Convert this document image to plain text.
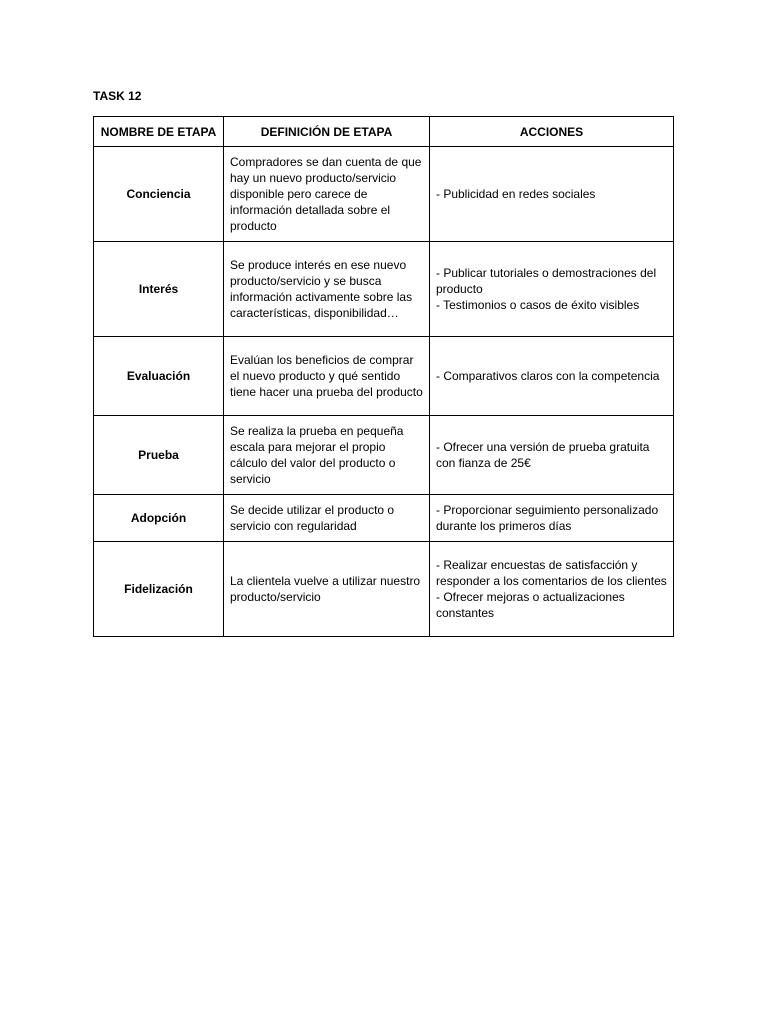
TASK 12
NOMBRE DE ETAPA	DEFINICIÓN DE ETAPA	ACCIONES
Conciencia	Compradores se dan cuenta de que hay un nuevo producto/servicio disponible pero carece de información detallada sobre el producto	- Publicidad en redes sociales

Interés	Se produce interés en ese nuevo producto/servicio y se busca información activamente sobre las características, disponibilidad…	- Publicar tutoriales o demostraciones del producto
- Testimonios o casos de éxito visibles

Evaluación	Evalúan los beneficios de comprar el nuevo producto y qué sentido tiene hacer una prueba del producto	- Comparativos claros con la competencia

Prueba	Se realiza la prueba en pequeña escala para mejorar el propio cálculo del valor del producto o servicio	- Ofrecer una versión de prueba gratuita con fianza de 25€

Adopción	Se decide utilizar el producto o servicio con regularidad	- Proporcionar seguimiento personalizado durante los primeros días

Fidelización	La clientela vuelve a utilizar nuestro producto/servicio	- Realizar encuestas de satisfacción y responder a los comentarios de los clientes
- Ofrecer mejoras o actualizaciones constantes
